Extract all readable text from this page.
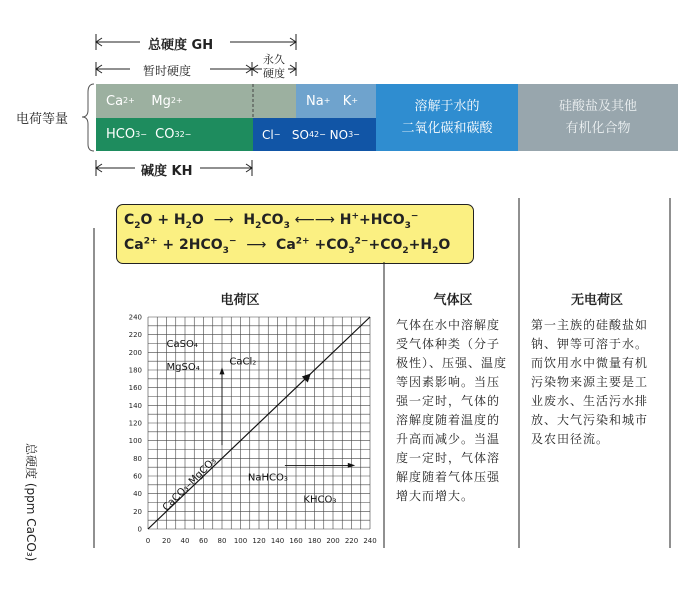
总硬度 GH
暂时硬度
永久
硬度
电荷等量
碱度 KH
Ca 2+ Mg 2+	Na + K +
HCO 3 − CO 3 2−	Cl − SO 4 2− NO 3 −
溶解于水的
二氧化碳和碳酸
硅酸盐及其他
有机化合物
$C_2O + H_2O$  ⟶  $H_2CO_3$ ⟵⟶ $H^++HCO_3^-$
$Ca^{2+} + 2HCO_3^-$ ⟶  $Ca^{2+} +CO_3^{2-}+CO_2+H_2O$
电荷区	气体区	无电荷区
气体在水中溶解度受气体种类（分子极性）、压强、温度等因素影响。当压强一定时，气体的溶解度随着温度的升高而减少。当温度一定时，气体溶解度随着气体压强增大而增大。
第一主族的硅酸盐如钠、钾等可溶于水。而饮用水中微量有机污染物来源主要是工业废水、生活污水排放、大气污染和城市及农田径流。
0 20 40 60 80 100 120 140 160 180 200 220 240
0
20
40
60
80
100
120
140
160
180
200
220
240
CaSO₄
MgSO₄	CaCl₂
CaCO₃–MgCO₃	NaHCO₃
KHCO₃
总硬度 (ppm CaCO₃)
